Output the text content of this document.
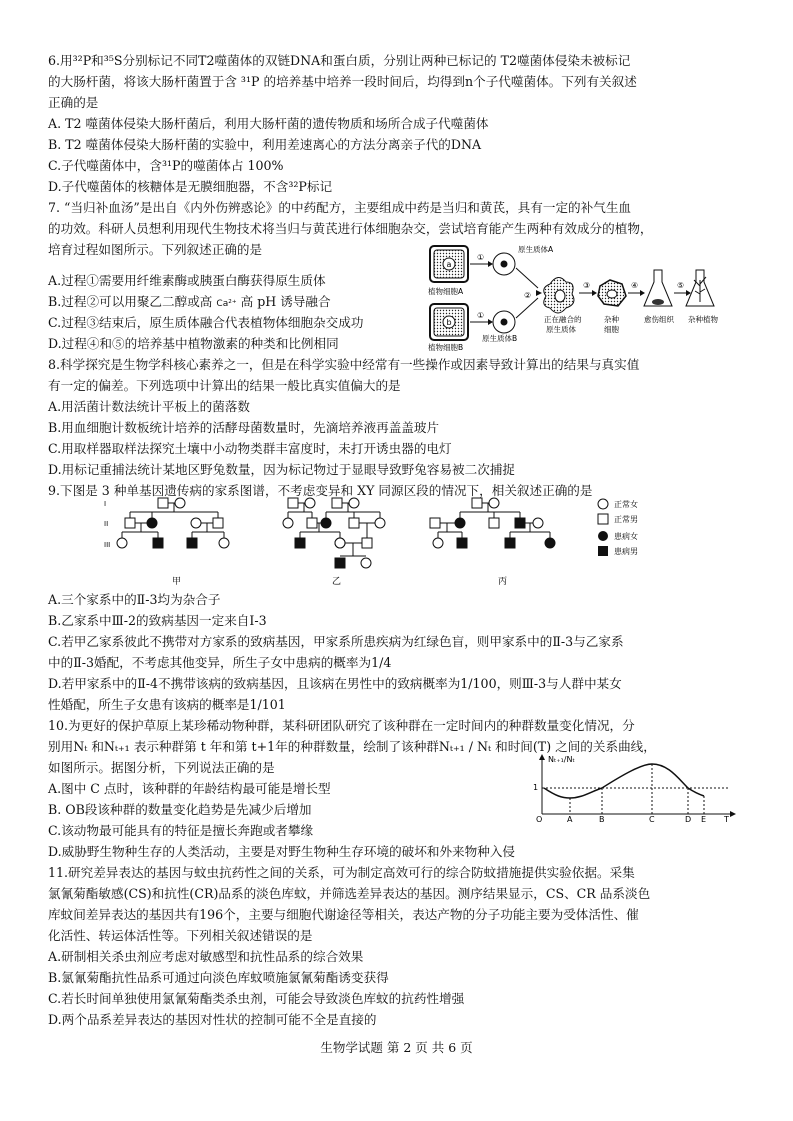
6.用³²P和³⁵S分别标记不同T2噬菌体的双链DNA和蛋白质，分别让两种已标记的 T2噬菌体侵染未被标记
的大肠杆菌，将该大肠杆菌置于含 ³¹P 的培养基中培养一段时间后，均得到n个子代噬菌体。下列有关叙述
正确的是
A. T2 噬菌体侵染大肠杆菌后，利用大肠杆菌的遗传物质和场所合成子代噬菌体
B. T2 噬菌体侵染大肠杆菌的实验中，利用差速离心的方法分离亲子代的DNA
C.子代噬菌体中，含³¹P的噬菌体占 100%
D.子代噬菌体的核糖体是无膜细胞器，不含³²P标记
7. “当归补血汤”是出自《内外伤辨惑论》的中药配方，主要组成中药是当归和黄芪，具有一定的补气生血
的功效。科研人员想利用现代生物技术将当归与黄芪进行体细胞杂交，尝试培育能产生两种有效成分的植物，
培育过程如图所示。下列叙述正确的是
A.过程①需要用纤维素酶或胰蛋白酶获得原生质体
B.过程②可以用聚乙二醇或高 Ca²⁺ 高 pH 诱导融合
C.过程③结束后，原生质体融合代表植物体细胞杂交成功
D.过程④和⑤的培养基中植物激素的种类和比例相同
a
植物细胞A
b
植物细胞B
①
①
原生质体A
原生质体B
②
正在融合的
原生质体
③
杂种
细胞
④
愈伤组织
⑤
杂种植物
8.科学探究是生物学科核心素养之一，但是在科学实验中经常有一些操作或因素导致计算出的结果与真实值
有一定的偏差。下列选项中计算出的结果一般比真实值偏大的是
A.用活菌计数法统计平板上的菌落数
B.用血细胞计数板统计培养的活酵母菌数量时，先滴培养液再盖盖玻片
C.用取样器取样法探究土壤中小动物类群丰富度时，未打开诱虫器的电灯
D.用标记重捕法统计某地区野兔数量，因为标记物过于显眼导致野兔容易被二次捕捉
9.下图是 3 种单基因遗传病的家系图谱，不考虑变异和 XY 同源区段的情况下，相关叙述正确的是
I
II
III
正常女
正常男
患病女
患病男
甲	乙	丙
A.三个家系中的Ⅱ-3均为杂合子
B.乙家系中Ⅲ-2的致病基因一定来自Ⅰ-3
C.若甲乙家系彼此不携带对方家系的致病基因，甲家系所患疾病为红绿色盲，则甲家系中的Ⅱ-3与乙家系
中的Ⅱ-3婚配，不考虑其他变异，所生子女中患病的概率为1/4
D.若甲家系中的Ⅱ-4不携带该病的致病基因，且该病在男性中的致病概率为1/100，则Ⅲ-3与人群中某女
性婚配，所生子女患有该病的概率是1/101
10.为更好的保护草原上某珍稀动物种群，某科研团队研究了该种群在一定时间内的种群数量变化情况，分
别用Nₜ 和Nₜ₊₁ 表示种群第 t 年和第 t+1年的种群数量，绘制了该种群Nₜ₊₁ / Nₜ 和时间(T) 之间的关系曲线，
如图所示。据图分析，下列说法正确的是
A.图中 C 点时，该种群的年龄结构最可能是增长型
B. OB段该种群的数量变化趋势是先减少后增加
C.该动物最可能具有的特征是擅长奔跑或者攀缘
D.威胁野生物种生存的人类活动，主要是对野生物种生存环境的破坏和外来物种入侵
Nₜ₊₁/Nₜ
1
O	A	B	C	D E T
11.研究差异表达的基因与蚊虫抗药性之间的关系，可为制定高效可行的综合防蚊措施提供实验依据。采集
氯氰菊酯敏感(CS)和抗性(CR)品系的淡色库蚊，并筛选差异表达的基因。测序结果显示，CS、CR 品系淡色
库蚊间差异表达的基因共有196个，主要与细胞代谢途径等相关，表达产物的分子功能主要为受体活性、催
化活性、转运体活性等。下列相关叙述错误的是
A.研制相关杀虫剂应考虑对敏感型和抗性品系的综合效果
B.氯氰菊酯抗性品系可通过向淡色库蚊喷施氯氰菊酯诱变获得
C.若长时间单独使用氯氰菊酯类杀虫剂，可能会导致淡色库蚊的抗药性增强
D.两个品系差异表达的基因对性状的控制可能不全是直接的
生物学试题 第 2 页 共 6 页
